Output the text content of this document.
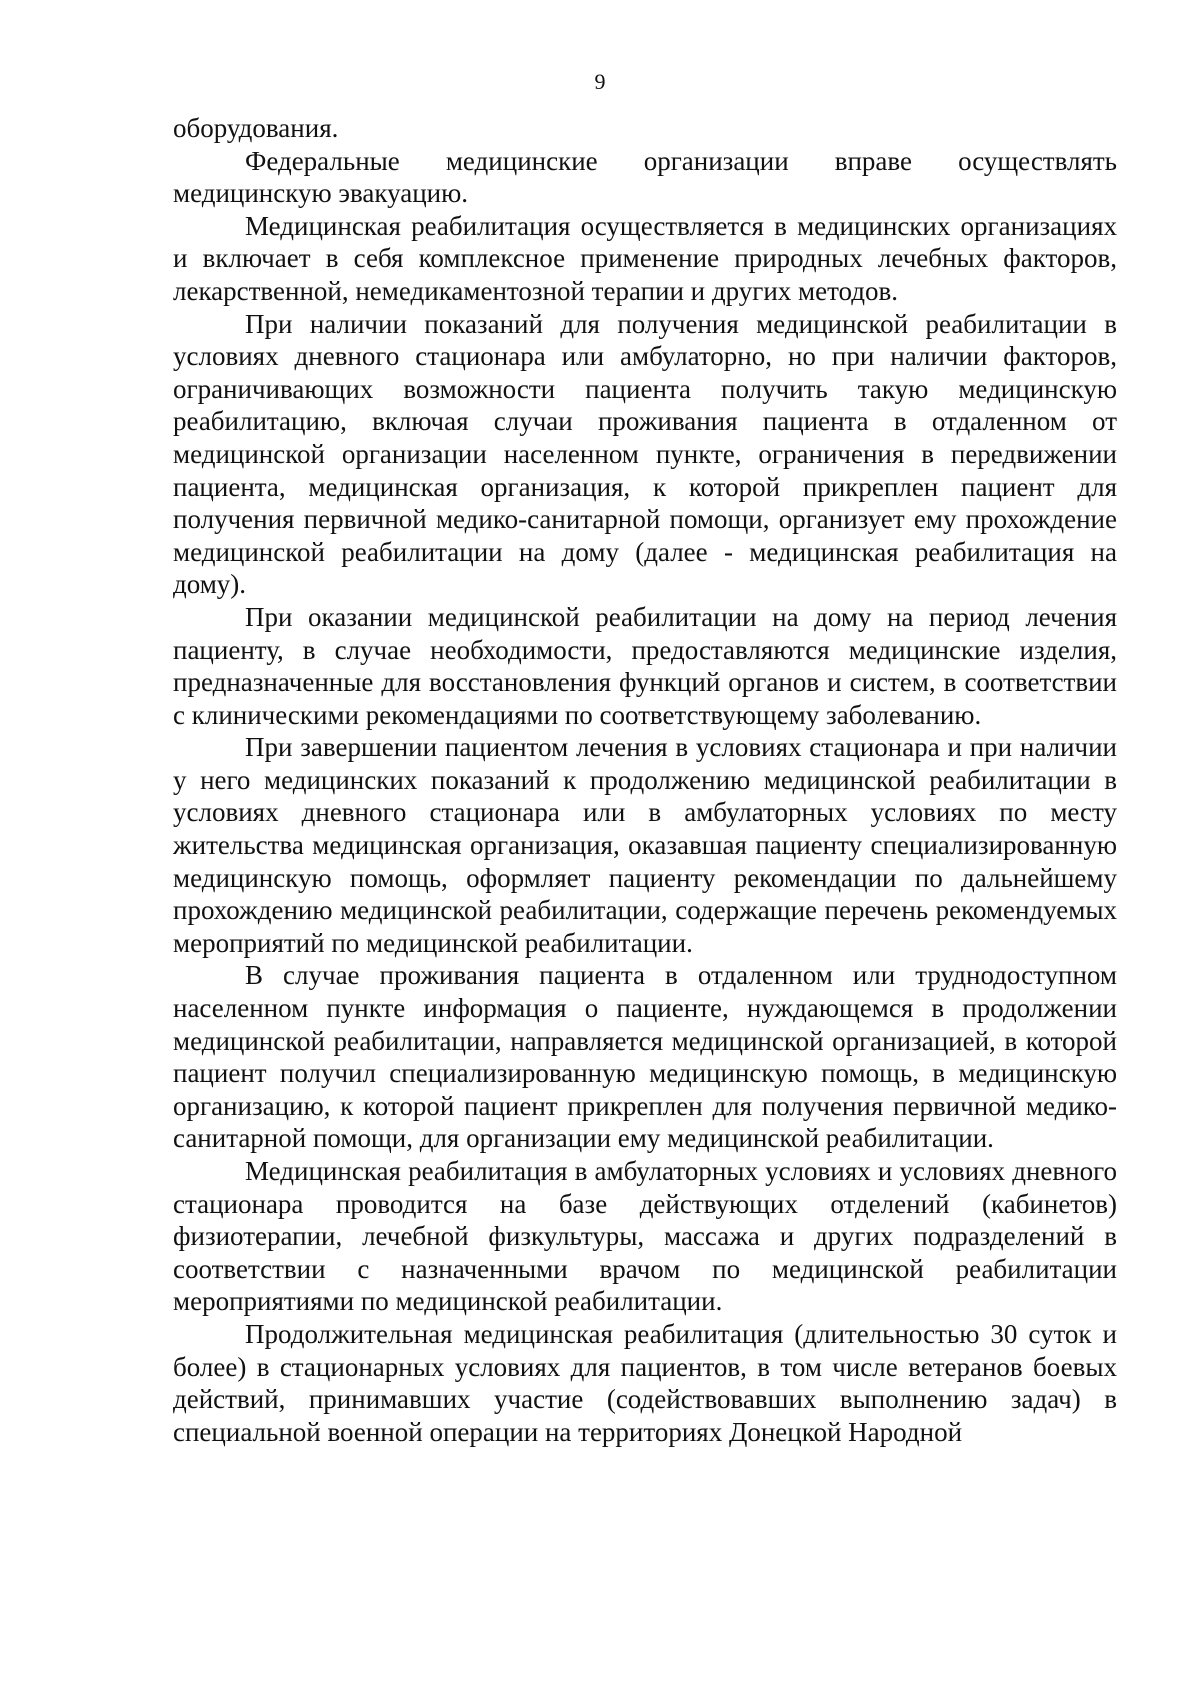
9

оборудования.

Федеральные медицинские организации вправе осуществлять медицинскую эвакуацию.

Медицинская реабилитация осуществляется в медицинских организациях и включает в себя комплексное применение природных лечебных факторов, лекарственной, немедикаментозной терапии и других методов.

При наличии показаний для получения медицинской реабилитации в условиях дневного стационара или амбулаторно, но при наличии факторов, ограничивающих возможности пациента получить такую медицинскую реабилитацию, включая случаи проживания пациента в отдаленном от медицинской организации населенном пункте, ограничения в передвижении пациента, медицинская организация, к которой прикреплен пациент для получения первичной медико-санитарной помощи, организует ему прохождение медицинской реабилитации на дому (далее - медицинская реабилитация на дому).

При оказании медицинской реабилитации на дому на период лечения пациенту, в случае необходимости, предоставляются медицинские изделия, предназначенные для восстановления функций органов и систем, в соответствии с клиническими рекомендациями по соответствующему заболеванию.

При завершении пациентом лечения в условиях стационара и при наличии у него медицинских показаний к продолжению медицинской реабилитации в условиях дневного стационара или в амбулаторных условиях по месту жительства медицинская организация, оказавшая пациенту специализированную медицинскую помощь, оформляет пациенту рекомендации по дальнейшему прохождению медицинской реабилитации, содержащие перечень рекомендуемых мероприятий по медицинской реабилитации.

В случае проживания пациента в отдаленном или труднодоступном населенном пункте информация о пациенте, нуждающемся в продолжении медицинской реабилитации, направляется медицинской организацией, в которой пациент получил специализированную медицинскую помощь, в медицинскую организацию, к которой пациент прикреплен для получения первичной медико-санитарной помощи, для организации ему медицинской реабилитации.

Медицинская реабилитация в амбулаторных условиях и условиях дневного стационара проводится на базе действующих отделений (кабинетов) физиотерапии, лечебной физкультуры, массажа и других подразделений в соответствии с назначенными врачом по медицинской реабилитации мероприятиями по медицинской реабилитации.

Продолжительная медицинская реабилитация (длительностью 30 суток и более) в стационарных условиях для пациентов, в том числе ветеранов боевых действий, принимавших участие (содействовавших выполнению задач) в специальной военной операции на территориях Донецкой Народной
